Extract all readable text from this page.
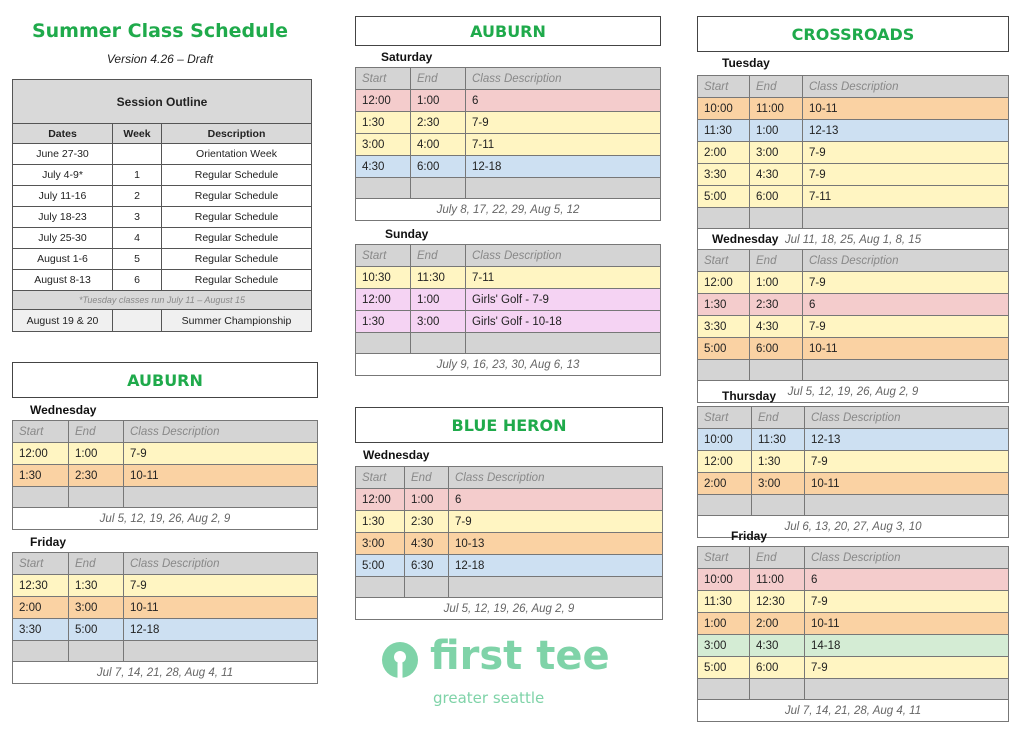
Summer Class Schedule
Version 4.26 – Draft
Session Outline		
Dates	Week	Description
June 27-30		Orientation Week
July 4-9*	1	Regular Schedule
July 11-16	2	Regular Schedule
July 18-23	3	Regular Schedule
July 25-30	4	Regular Schedule
August 1-6	5	Regular Schedule
August 8-13	6	Regular Schedule
*Tuesday classes run July 11 – August 15		
August 19 & 20		Summer Championship
AUBURN
Wednesday
Start	End	Class Description
12:00	1:00	7-9
1:30	2:30	10-11

Jul 5, 12, 19, 26, Aug 2, 9		
Friday
Start	End	Class Description
12:30	1:30	7-9
2:00	3:00	10-11
3:30	5:00	12-18

Jul 7, 14, 21, 28, Aug 4, 11		
AUBURN
Saturday
Start	End	Class Description
12:00	1:00	6
1:30	2:30	7-9
3:00	4:00	7-11
4:30	6:00	12-18

July 8, 17, 22, 29, Aug 5, 12		
Sunday
Start	End	Class Description
10:30	11:30	7-11
12:00	1:00	Girls' Golf - 7-9
1:30	3:00	Girls' Golf - 10-18

July 9, 16, 23, 30, Aug 6, 13		
BLUE HERON
Wednesday
Start	End	Class Description
12:00	1:00	6
1:30	2:30	7-9
3:00	4:30	10-13
5:00	6:30	12-18

Jul 5, 12, 19, 26, Aug 2, 9		
CROSSROADS
Tuesday
Start	End	Class Description
10:00	11:00	10-11
11:30	1:00	12-13
2:00	3:00	7-9
3:30	4:30	7-9
5:00	6:00	7-11

Jul 11, 18, 25, Aug 1, 8, 15		
Wednesday
Start	End	Class Description
12:00	1:00	7-9
1:30	2:30	6
3:30	4:30	7-9
5:00	6:00	10-11

Jul 5, 12, 19, 26, Aug 2, 9		
Thursday
Start	End	Class Description
10:00	11:30	12-13
12:00	1:30	7-9
2:00	3:00	10-11

Jul 6, 13, 20, 27, Aug 3, 10		
Friday
Start	End	Class Description
10:00	11:00	6
11:30	12:30	7-9
1:00	2:00	10-11
3:00	4:30	14-18
5:00	6:00	7-9

Jul 7, 14, 21, 28, Aug 4, 11		
first tee
greater seattle
